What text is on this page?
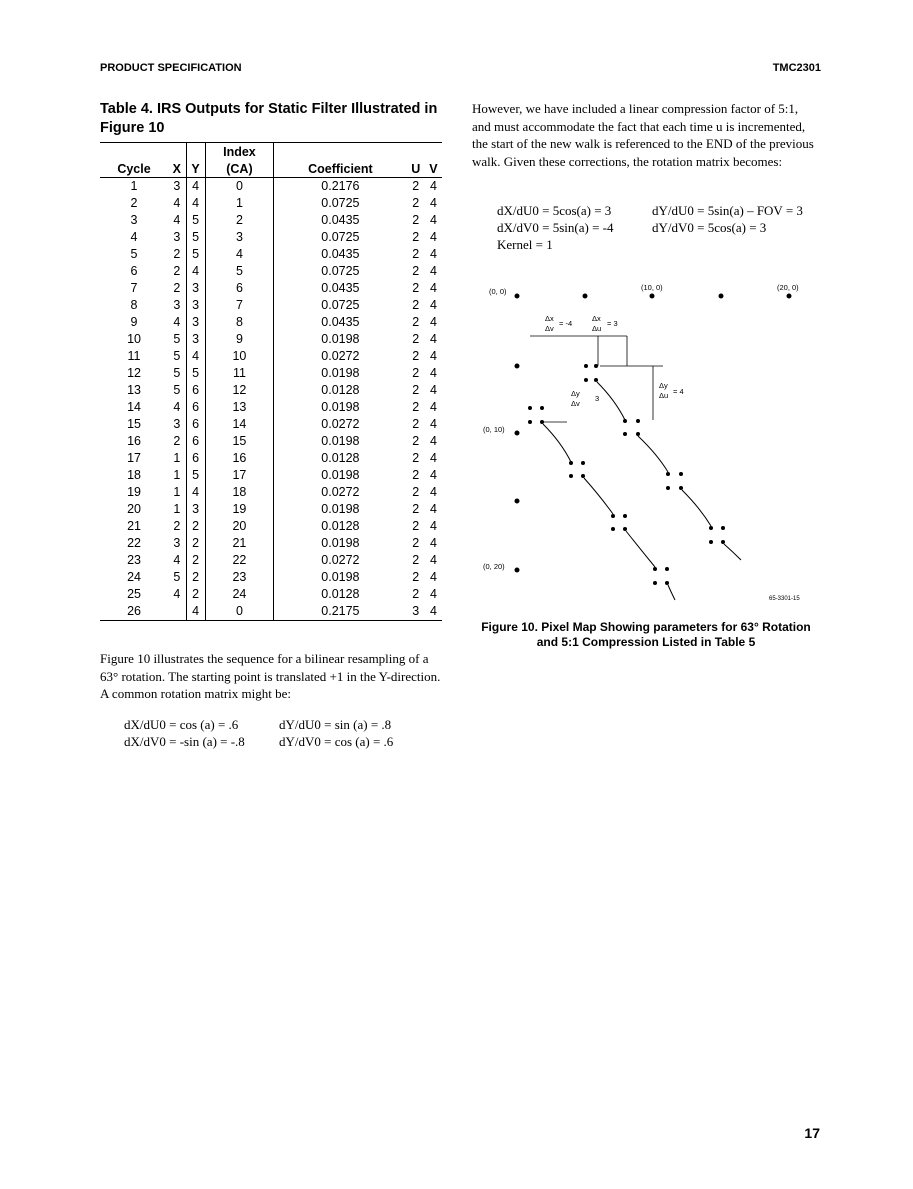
PRODUCT SPECIFICATION	TMC2301
Table 4. IRS Outputs for Static Filter Illustrated in Figure 10
			Index			
Cycle	X	Y	(CA)	Coefficient	U	V
1	3	4	0	0.2176	2	4
2	4	4	1	0.0725	2	4
3	4	5	2	0.0435	2	4
4	3	5	3	0.0725	2	4
5	2	5	4	0.0435	2	4
6	2	4	5	0.0725	2	4
7	2	3	6	0.0435	2	4
8	3	3	7	0.0725	2	4
9	4	3	8	0.0435	2	4
10	5	3	9	0.0198	2	4
11	5	4	10	0.0272	2	4
12	5	5	11	0.0198	2	4
13	5	6	12	0.0128	2	4
14	4	6	13	0.0198	2	4
15	3	6	14	0.0272	2	4
16	2	6	15	0.0198	2	4
17	1	6	16	0.0128	2	4
18	1	5	17	0.0198	2	4
19	1	4	18	0.0272	2	4
20	1	3	19	0.0198	2	4
21	2	2	20	0.0128	2	4
22	3	2	21	0.0198	2	4
23	4	2	22	0.0272	2	4
24	5	2	23	0.0198	2	4
25	4	2	24	0.0128	2	4
26		4	0	0.2175	3	4
Figure 10 illustrates the sequence for a bilinear resampling of a 63° rotation. The starting point is translated +1 in the Y-direction. A common rotation matrix might be:
dX/dU0 = cos (a) = .6	dY/dU0 = sin (a) = .8
dX/dV0 = -sin (a) = -.8	dY/dV0 = cos (a) = .6
However, we have included a linear compression factor of 5:1, and must accommodate the fact that each time u is incremented, the start of the new walk is referenced to the END of the previous walk. Given these corrections, the rotation matrix becomes:
dX/dU0 = 5cos(a) = 3	dY/dU0 = 5sin(a) – FOV = 3
dX/dV0 = 5sin(a) = -4	dY/dV0 = 5cos(a) = 3
Kernel = 1
(0, 0)	(10, 0)	(20, 0)
(0, 10)
(0, 20)
Δx
Δv
= -4
Δx
Δu
= 3
Δy
Δv
3
Δy
Δu = 4
65-3301-15
Figure 10. Pixel Map Showing parameters for 63° Rotation and 5:1 Compression Listed in Table 5
17
